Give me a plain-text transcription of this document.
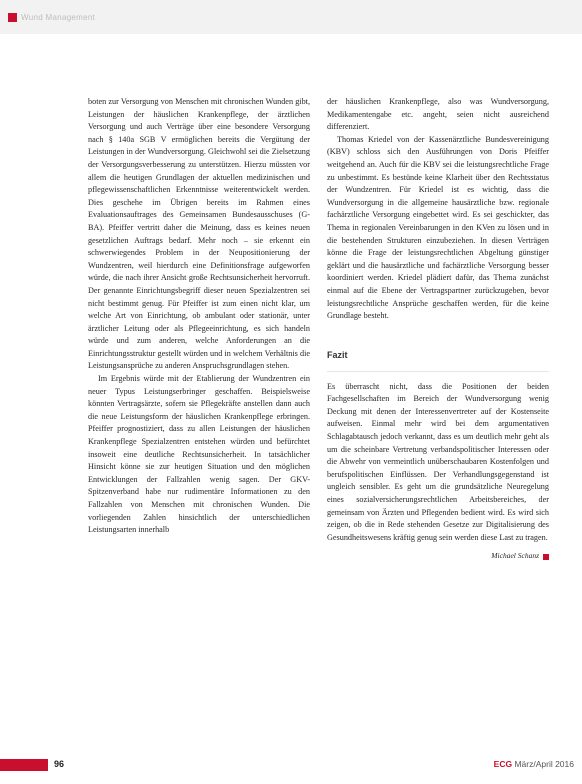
Wund Management

boten zur Versorgung von Menschen mit chronischen Wunden gibt, Leistungen der häuslichen Krankenpflege, der ärztlichen Versorgung und auch Verträge über eine besondere Versorgung nach § 140a SGB V ermöglichen bereits die Vergütung der Leistungen in der Wundversorgung. Gleichwohl sei die Zielsetzung der Versorgungsverbesserung zu unterstützen. Hierzu müssten vor allem die heutigen Grundlagen der aktuellen medizinischen und pflegewissenschaftlichen Erkenntnisse weiterentwickelt werden. Dies geschehe im Übrigen bereits im Rahmen eines Evaluationsauftrages des Gemeinsamen Bundesausschuses (G-BA). Pfeiffer vertritt daher die Meinung, dass es keines neuen gesetzlichen Auftrags bedarf. Mehr noch – sie erkennt ein schwerwiegendes Problem in der Neupositionierung der Wundzentren, weil hierdurch eine Definitionsfrage aufgeworfen würde, die nach ihrer Ansicht große Rechtsunsicherheit hervorruft. Der genannte Einrichtungsbegriff dieser neuen Spezialzentren sei nicht bestimmt genug. Für Pfeiffer ist zum einen nicht klar, um welche Art von Einrichtung, ob ambulant oder stationär, unter ärztlicher Leitung oder als Pflegeeinrichtung, es sich handeln würde und zum anderen, welche Anforderungen an die Einrichtungsstruktur gestellt würden und in welchem Verhältnis die Leistungsansprüche zu anderen Anspruchsgrundlagen stehen.

Im Ergebnis würde mit der Etablierung der Wundzentren ein neuer Typus Leistungserbringer geschaffen. Beispielsweise könnten Vertragsärzte, sofern sie Pflegekräfte anstellen dann auch die neue Leistungsform der häuslichen Krankenpflege erbringen. Pfeiffer prognostiziert, dass zu allen Leistungen der häuslichen Krankenpflege Spezialzentren entstehen würden und befürchtet insoweit eine deutliche Rechtsunsicherheit. In tatsächlicher Hinsicht könne sie zur heutigen Situation und den möglichen Entwicklungen der Fallzahlen wenig sagen. Der GKV-Spitzenverband habe nur rudimentäre Informationen zu den Fallzahlen von Menschen mit chronischen Wunden. Die vorliegenden Zahlen hinsichtlich der unterschiedlichen Leistungsarten innerhalb

der häuslichen Krankenpflege, also was Wundversorgung, Medikamentengabe etc. angeht, seien nicht ausreichend differenziert.

Thomas Kriedel von der Kassenärztliche Bundesvereinigung (KBV) schloss sich den Ausführungen von Doris Pfeiffer weitgehend an. Auch für die KBV sei die leistungsrechtliche Frage zu unbestimmt. Es bestünde keine Klarheit über den Rechtsstatus der Wundzentren. Für Kriedel ist es wichtig, dass die Wundversorgung in die allgemeine hausärztliche bzw. regionale fachärztliche Versorgung eingebettet wird. Es sei geschickter, das Thema in regionalen Vereinbarungen in den KVen zu lösen und in die bestehenden Strukturen einzubeziehen. In diesen Verträgen könne die Frage der leistungsrechtlichen Abgeltung günstiger geklärt und die hausärztliche und fachärztliche Versorgung besser koordiniert werden. Kriedel plädiert dafür, das Thema zunächst einmal auf die Ebene der Vertragspartner zurückzugeben, bevor leistungsrechtliche Ansprüche geschaffen werden, für die keine Grundlage besteht.

Fazit

Es überrascht nicht, dass die Positionen der beiden Fachgesellschaften im Bereich der Wundversorgung wenig Deckung mit denen der Interessenvertreter auf der Kostenseite aufweisen. Einmal mehr wird bei dem argumentativen Schlagabtausch jedoch verkannt, dass es um deutlich mehr geht als um die scheinbare Vertretung verbandspolitischer Interessen oder die Abwehr von vermeintlich unüberschaubaren Kostenfolgen und berufspolitischen Einflüssen. Der Verhandlungsgegenstand ist ungleich sensibler. Es geht um die grundsätzliche Neuregelung eines sozialversicherungsrechtlichen Arbeitsbereiches, der gemeinsam von Ärzten und Pflegenden bedient wird. Es wird sich zeigen, ob die in Rede stehenden Gesetze zur Digitalisierung des Gesundheitswesens kräftig genug sein werden diese Last zu tragen.

Michael Schanz
96	ECG März/April 2016
